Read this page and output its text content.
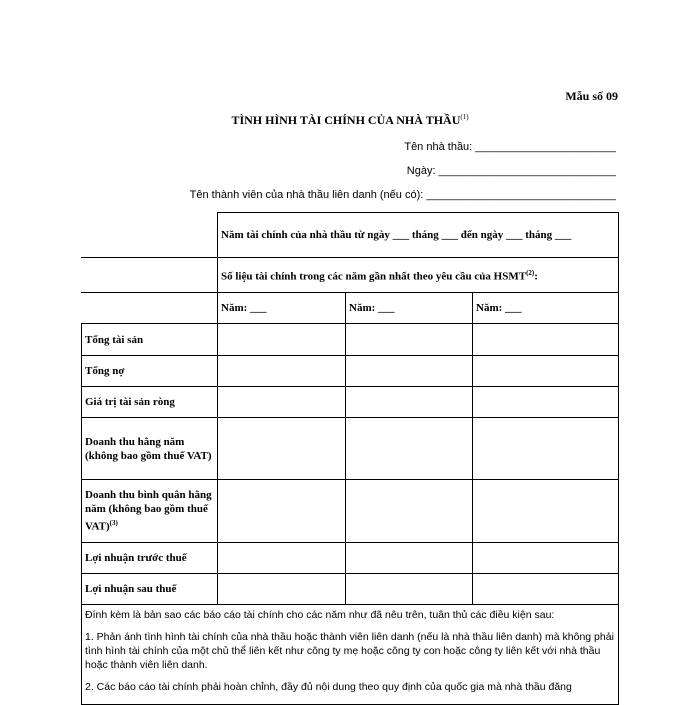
Mẫu số 09
TÌNH HÌNH TÀI CHÍNH CỦA NHÀ THẦU$^{(1)}$
Tên nhà thầu: _______________________
Ngày: _____________________________
Tên thành viên của nhà thầu liên danh (nếu có): _______________________________
	Năm tài chính của nhà thầu từ ngày ___ tháng ___ đến ngày ___ tháng ___		
	Số liệu tài chính trong các năm gần nhất theo yêu cầu của HSMT$^{(2)}$:		
	Năm: ___	Năm: ___	Năm: ___
Tổng tài sản			
Tổng nợ			
Giá trị tài sản ròng			
Doanh thu hằng năm (không bao gồm thuế VAT)			
Doanh thu bình quân hằng năm (không bao gồm thuế VAT)$^{(3)}$			
Lợi nhuận trước thuế			
Lợi nhuận sau thuế			

Đính kèm là bản sao các báo cáo tài chính cho các năm như đã nêu trên, tuân thủ các điều kiện sau:

1. Phản ánh tình hình tài chính của nhà thầu hoặc thành viên liên danh (nếu là nhà thầu liên danh) mà không phải tình hình tài chính của một chủ thể liên kết như công ty mẹ hoặc công ty con hoặc công ty liên kết với nhà thầu hoặc thành viên liên danh.

2. Các báo cáo tài chính phải hoàn chỉnh, đầy đủ nội dung theo quy định của quốc gia mà nhà thầu đăng			
